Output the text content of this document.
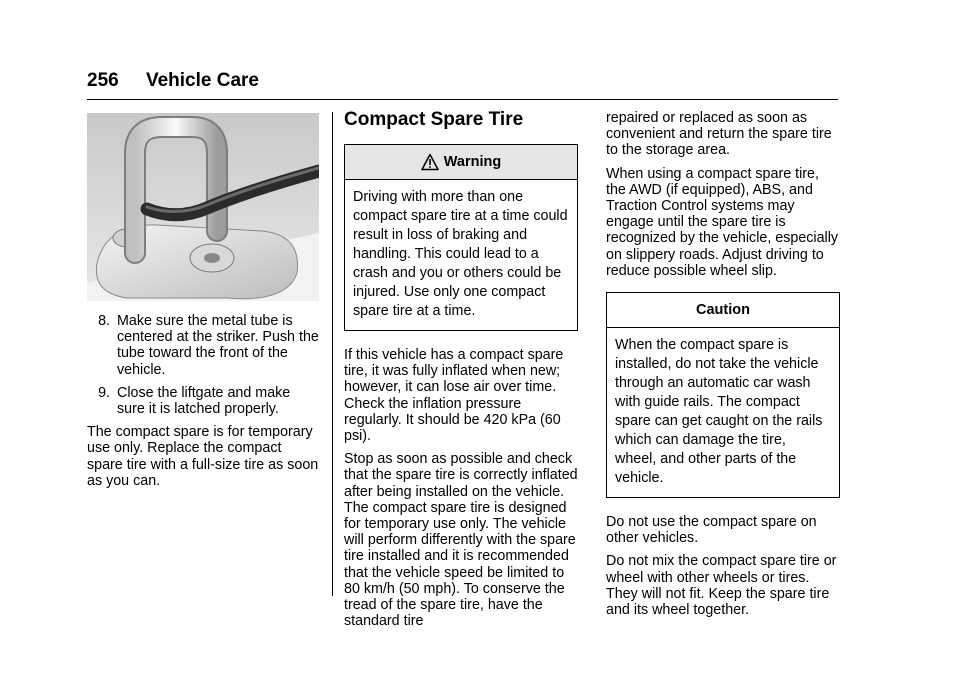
256 Vehicle Care
8. Make sure the metal tube is centered at the striker. Push the tube toward the front of the vehicle.
9. Close the liftgate and make sure it is latched properly.

The compact spare is for temporary use only. Replace the compact spare tire with a full-size tire as soon as you can.

Compact Spare Tire
Warning
Driving with more than one compact spare tire at a time could result in loss of braking and handling. This could lead to a crash and you or others could be injured. Use only one compact spare tire at a time.

If this vehicle has a compact spare tire, it was fully inflated when new; however, it can lose air over time. Check the inflation pressure regularly. It should be 420 kPa (60 psi).

Stop as soon as possible and check that the spare tire is correctly inflated after being installed on the vehicle. The compact spare tire is designed for temporary use only. The vehicle will perform differently with the spare tire installed and it is recommended that the vehicle speed be limited to 80 km/h (50 mph). To conserve the tread of the spare tire, have the standard tire

repaired or replaced as soon as convenient and return the spare tire to the storage area.

When using a compact spare tire, the AWD (if equipped), ABS, and Traction Control systems may engage until the spare tire is recognized by the vehicle, especially on slippery roads. Adjust driving to reduce possible wheel slip.

Caution
When the compact spare is installed, do not take the vehicle through an automatic car wash with guide rails. The compact spare can get caught on the rails which can damage the tire, wheel, and other parts of the vehicle.

Do not use the compact spare on other vehicles.

Do not mix the compact spare tire or wheel with other wheels or tires. They will not fit. Keep the spare tire and its wheel together.
